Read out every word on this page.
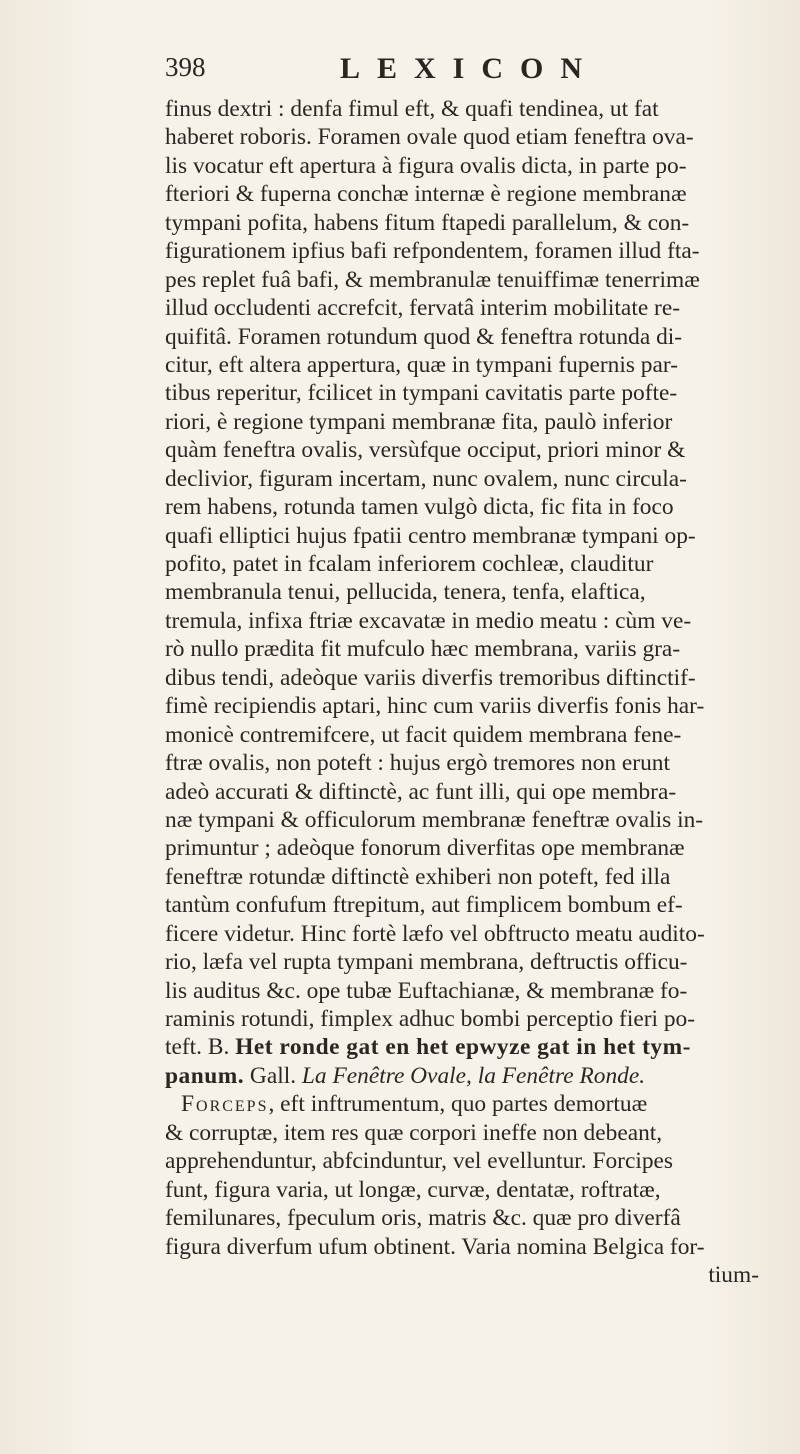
398	LEXICON
finus dextri : denfa fimul eft, & quafi tendinea, ut fat
haberet roboris. Foramen ovale quod etiam feneftra ova-
lis vocatur eft apertura à figura ovalis dicta, in parte po-
fteriori & fuperna conchæ internæ è regione membranæ
tympani pofita, habens fitum ftapedi parallelum, & con-
figurationem ipfius bafi refpondentem, foramen illud fta-
pes replet fuâ bafi, & membranulæ tenuiffimæ tenerrimæ
illud occludenti accrefcit, fervatâ interim mobilitate re-
quifitâ. Foramen rotundum quod & feneftra rotunda di-
citur, eft altera appertura, quæ in tympani fupernis par-
tibus reperitur, fcilicet in tympani cavitatis parte pofte-
riori, è regione tympani membranæ fita, paulò inferior
quàm feneftra ovalis, versùfque occiput, priori minor &
declivior, figuram incertam, nunc ovalem, nunc circula-
rem habens, rotunda tamen vulgò dicta, fic fita in foco
quafi elliptici hujus fpatii centro membranæ tympani op-
pofito, patet in fcalam inferiorem cochleæ, clauditur
membranula tenui, pellucida, tenera, tenfa, elaftica,
tremula, infixa ftriæ excavatæ in medio meatu : cùm ve-
rò nullo prædita fit mufculo hæc membrana, variis gra-
dibus tendi, adeòque variis diverfis tremoribus diftinctif-
fimè recipiendis aptari, hinc cum variis diverfis fonis har-
monicè contremifcere, ut facit quidem membrana fene-
ftræ ovalis, non poteft : hujus ergò tremores non erunt
adeò accurati & diftinctè, ac funt illi, qui ope membra-
næ tympani & officulorum membranæ feneftræ ovalis in-
primuntur ; adeòque fonorum diverfitas ope membranæ
feneftræ rotundæ diftinctè exhiberi non poteft, fed illa
tantùm confufum ftrepitum, aut fimplicem bombum ef-
ficere videtur. Hinc fortè læfo vel obftructo meatu audito-
rio, læfa vel rupta tympani membrana, deftructis officu-
lis auditus &c. ope tubæ Euftachianæ, & membranæ fo-
raminis rotundi, fimplex adhuc bombi perceptio fieri po-
teft. B. Het ronde gat en het epwyze gat in het tym-
panum. Gall. La Fenêtre Ovale, la Fenêtre Ronde.
Forceps, eft inftrumentum, quo partes demortuæ
& corruptæ, item res quæ corpori ineffe non debeant,
apprehenduntur, abfcinduntur, vel evelluntur. Forcipes
funt, figura varia, ut longæ, curvæ, dentatæ, roftratæ,
femilunares, fpeculum oris, matris &c. quæ pro diverfâ
figura diverfum ufum obtinent. Varia nomina Belgica for-
tium-
